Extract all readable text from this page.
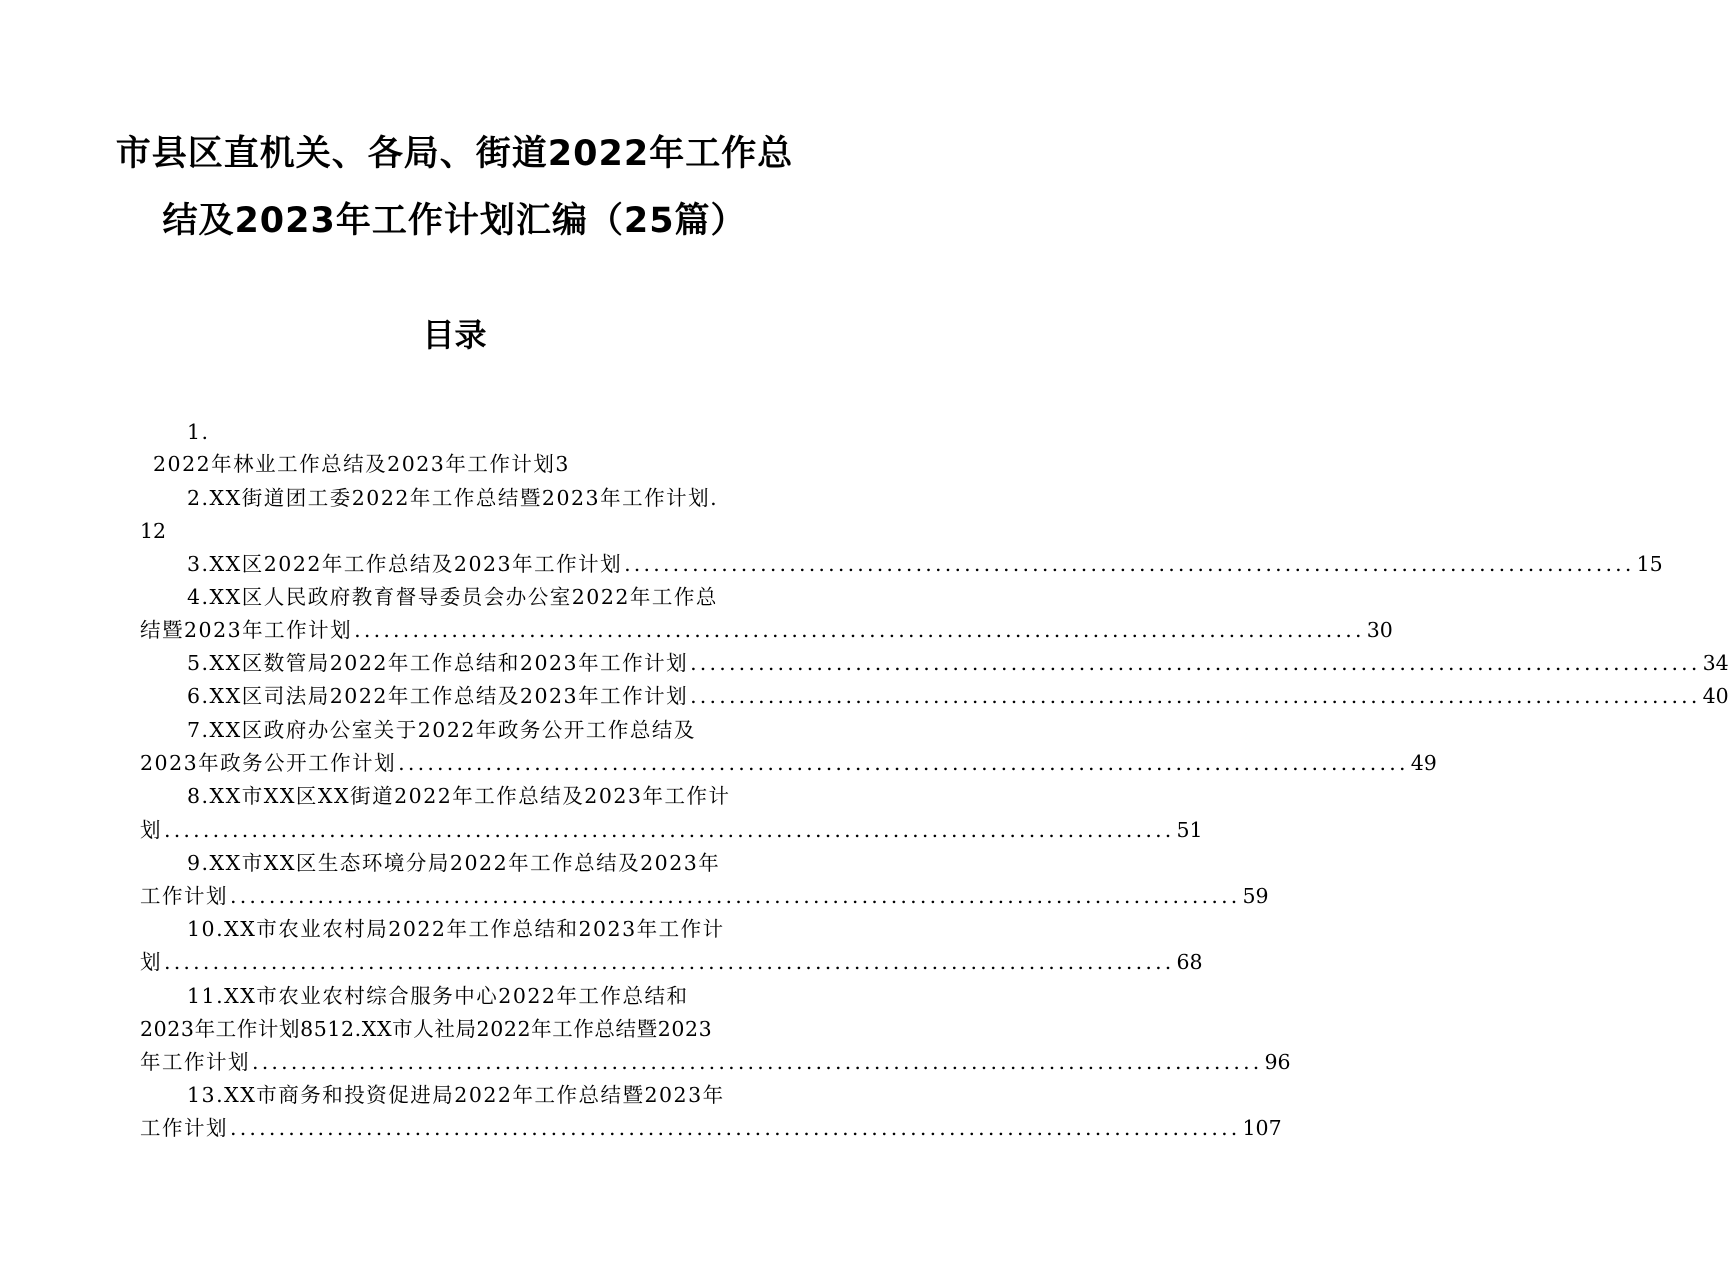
市县区直机关、各局、街道2022年工作总
结及2023年工作计划汇编（25篇）
目录
1.
2022年林业工作总结及2023年工作计划3
2.XX街道团工委2022年工作总结暨2023年工作计划.
12
3.XX区2022年工作总结及2023年工作计划 ........................................................................................................ 15
4.XX区人民政府教育督导委员会办公室2022年工作总
结暨2023年工作计划 ........................................................................................................ 30
5.XX区数管局2022年工作总结和2023年工作计划 ........................................................................................................ 34
6.XX区司法局2022年工作总结及2023年工作计划 ........................................................................................................ 40
7.XX区政府办公室关于2022年政务公开工作总结及
2023年政务公开工作计划 ........................................................................................................ 49
8.XX市XX区XX街道2022年工作总结及2023年工作计
划 ........................................................................................................ 51
9.XX市XX区生态环境分局2022年工作总结及2023年
工作计划 ........................................................................................................ 59
10.XX市农业农村局2022年工作总结和2023年工作计
划 ........................................................................................................ 68
11.XX市农业农村综合服务中心2022年工作总结和
2023年工作计划8512.XX市人社局2022年工作总结暨2023
年工作计划 ........................................................................................................ 96
13.XX市商务和投资促进局2022年工作总结暨2023年
工作计划 ........................................................................................................ 107
